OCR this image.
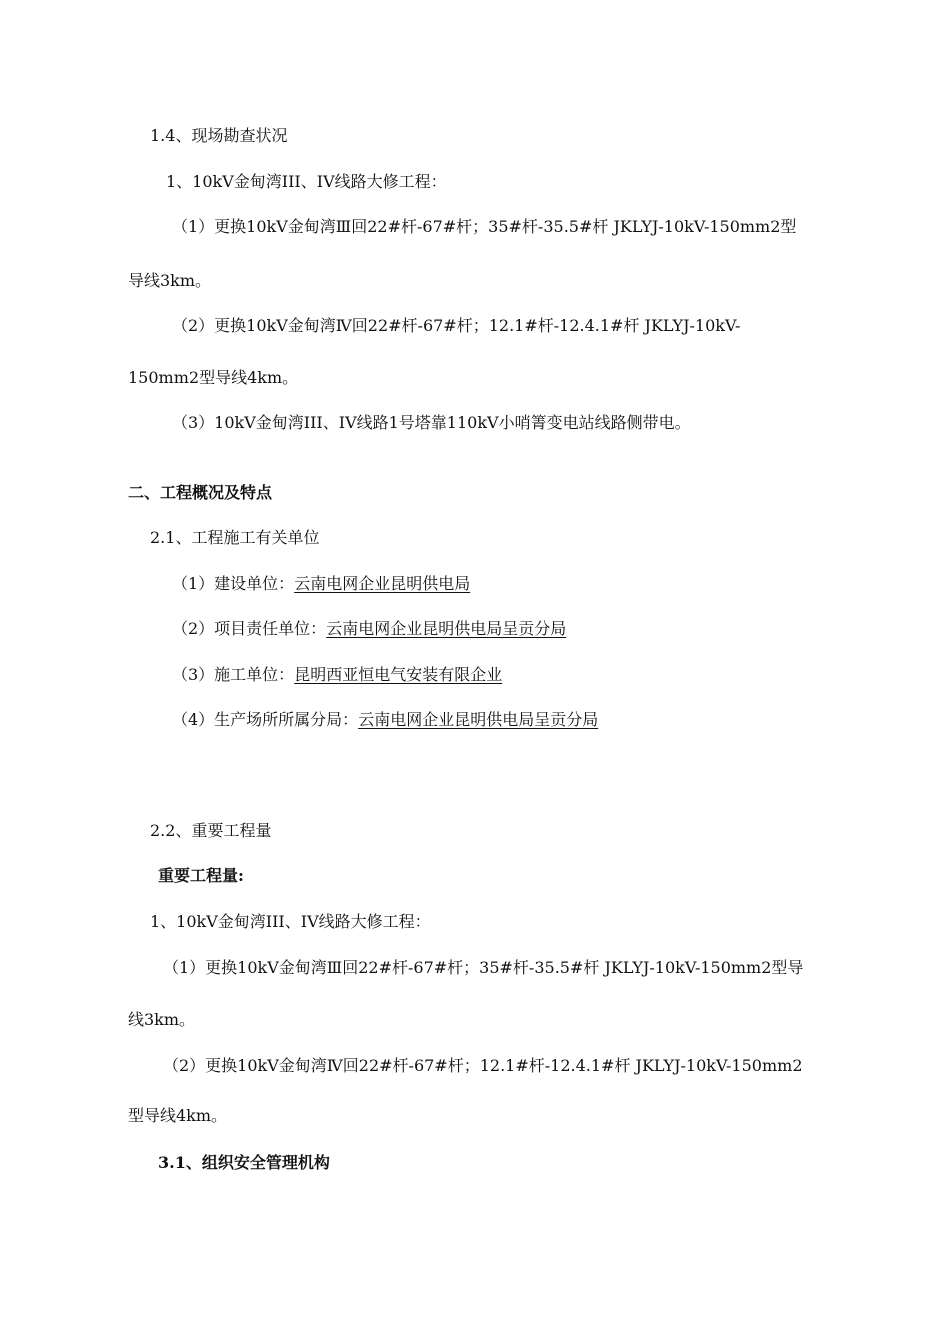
1.4、现场勘查状况
1、10kV金甸湾III、IV线路大修工程：
（1）更换10kV金甸湾Ⅲ回22#杆-67#杆；35#杆-35.5#杆 JKLYJ-10kV-150mm2型
导线3km。
（2）更换10kV金甸湾Ⅳ回22#杆-67#杆；12.1#杆-12.4.1#杆 JKLYJ-10kV-
150mm2型导线4km。
（3）10kV金甸湾III、IV线路1号塔靠110kV小哨箐变电站线路侧带电。
二、工程概况及特点
2.1、工程施工有关单位
（1）建设单位：云南电网企业昆明供电局
（2）项目责任单位：云南电网企业昆明供电局呈贡分局
（3）施工单位：昆明西亚恒电气安装有限企业
（4）生产场所所属分局：云南电网企业昆明供电局呈贡分局
2.2、重要工程量
重要工程量:
1、10kV金甸湾III、IV线路大修工程：
（1）更换10kV金甸湾Ⅲ回22#杆-67#杆；35#杆-35.5#杆 JKLYJ-10kV-150mm2型导
线3km。
（2）更换10kV金甸湾Ⅳ回22#杆-67#杆；12.1#杆-12.4.1#杆 JKLYJ-10kV-150mm2
型导线4km。
3.1、组织安全管理机构
